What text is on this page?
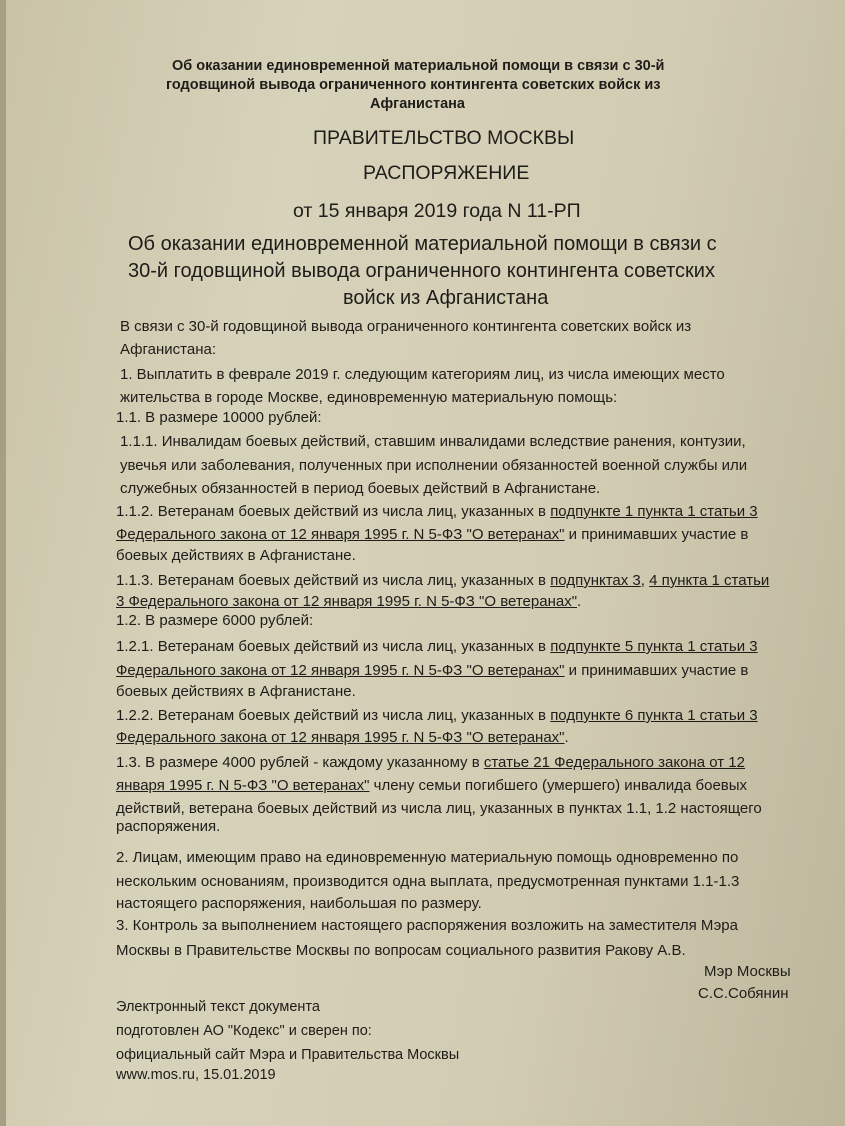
Об оказании единовременной материальной помощи в связи с 30-й
годовщиной вывода ограниченного контингента советских войск из
Афганистана
ПРАВИТЕЛЬСТВО МОСКВЫ
РАСПОРЯЖЕНИЕ
от 15 января 2019 года N 11-РП
Об оказании единовременной материальной помощи в связи с
30-й годовщиной вывода ограниченного контингента советских
войск из Афганистана
В связи с 30-й годовщиной вывода ограниченного контингента советских войск из
Афганистана:
1. Выплатить в феврале 2019 г. следующим категориям лиц, из числа имеющих место
жительства в городе Москве, единовременную материальную помощь:
1.1. В размере 10000 рублей:
1.1.1. Инвалидам боевых действий, ставшим инвалидами вследствие ранения, контузии,
увечья или заболевания, полученных при исполнении обязанностей военной службы или
служебных обязанностей в период боевых действий в Афганистане.
1.1.2. Ветеранам боевых действий из числа лиц, указанных в подпункте 1 пункта 1 статьи 3
Федерального закона от 12 января 1995 г. N 5-ФЗ "О ветеранах" и принимавших участие в
боевых действиях в Афганистане.
1.1.3. Ветеранам боевых действий из числа лиц, указанных в подпунктах 3, 4 пункта 1 статьи
3 Федерального закона от 12 января 1995 г. N 5-ФЗ "О ветеранах".
1.2. В размере 6000 рублей:
1.2.1. Ветеранам боевых действий из числа лиц, указанных в подпункте 5 пункта 1 статьи 3
Федерального закона от 12 января 1995 г. N 5-ФЗ "О ветеранах" и принимавших участие в
боевых действиях в Афганистане.
1.2.2. Ветеранам боевых действий из числа лиц, указанных в подпункте 6 пункта 1 статьи 3
Федерального закона от 12 января 1995 г. N 5-ФЗ "О ветеранах".
1.3. В размере 4000 рублей - каждому указанному в статье 21 Федерального закона от 12
января 1995 г. N 5-ФЗ "О ветеранах" члену семьи погибшего (умершего) инвалида боевых
действий, ветерана боевых действий из числа лиц, указанных в пунктах 1.1, 1.2 настоящего
распоряжения.
2. Лицам, имеющим право на единовременную материальную помощь одновременно по
нескольким основаниям, производится одна выплата, предусмотренная пунктами 1.1-1.3
настоящего распоряжения, наибольшая по размеру.
3. Контроль за выполнением настоящего распоряжения возложить на заместителя Мэра
Москвы в Правительстве Москвы по вопросам социального развития Ракову А.В.
Мэр Москвы
С.С.Собянин
Электронный текст документа
подготовлен АО "Кодекс" и сверен по:
официальный сайт Мэра и Правительства Москвы
www.mos.ru, 15.01.2019
